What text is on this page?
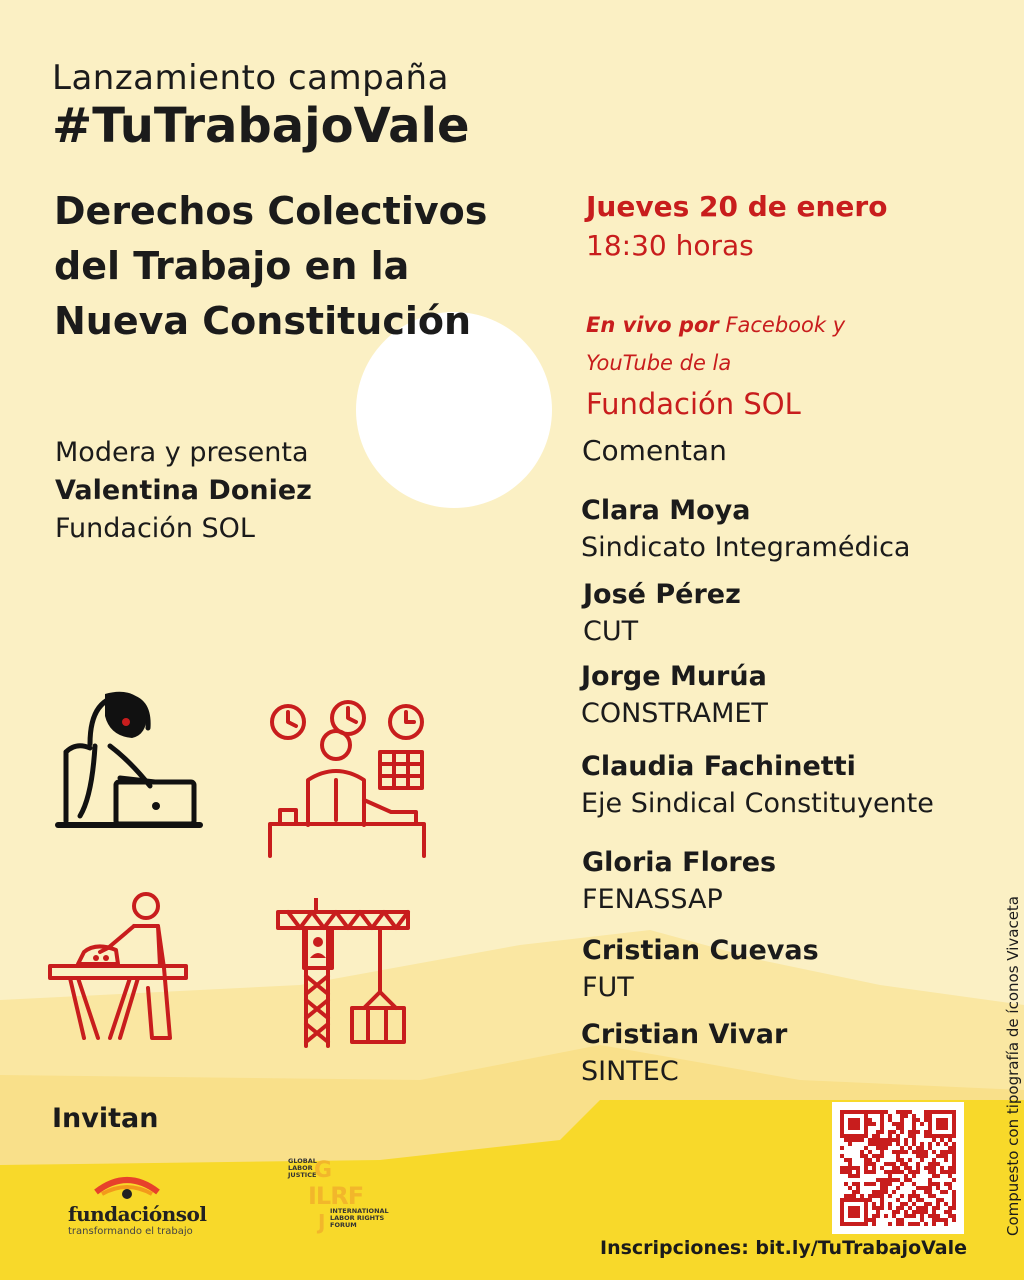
Lanzamiento campaña
#TuTrabajoVale
Derechos Colectivos
del Trabajo en la
Nueva Constitución
Jueves 20 de enero
18:30 horas
En vivo por Facebook y
YouTube de la
Fundación SOL
Modera y presenta
Valentina Doniez
Fundación SOL
Comentan
Clara Moya
Sindicato Integramédica
José Pérez
CUT
Jorge Murúa
CONSTRAMET
Claudia Fachinetti
Eje Sindical Constituyente
Gloria Flores
FENASSAP
Cristian Cuevas
FUT
Cristian Vivar
SINTEC
Invitan
fundaciónsol
transformando el trabajo
GLOBAL
LABOR
JUSTICE
G
ILRF
INTERNATIONAL
LABOR RIGHTS
FORUM
J
Inscripciones: bit.ly/TuTrabajoVale
Compuesto con tipografía de íconos Vivaceta
